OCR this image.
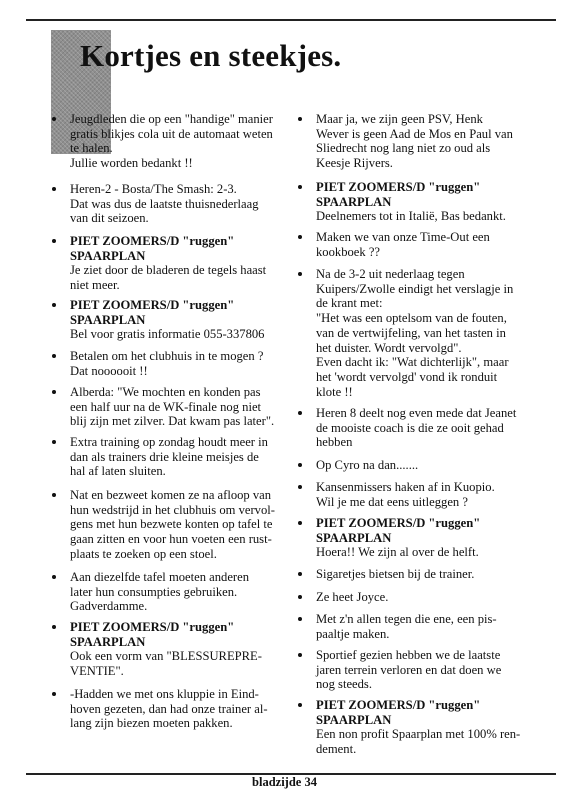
Kortjes en steekjes.
Jeugdleden die op een "handige" manier
gratis blikjes cola uit de automaat weten
te halen.
Jullie worden bedankt !!
Heren-2 - Bosta/The Smash: 2-3.
Dat was dus de laatste thuisnederlaag
van dit seizoen.
PIET ZOOMERS/D "ruggen"
SPAARPLAN
Je ziet door de bladeren de tegels haast
niet meer.
PIET ZOOMERS/D "ruggen"
SPAARPLAN
Bel voor gratis informatie 055-337806
Betalen om het clubhuis in te mogen ?
Dat noooooit !!
Alberda: "We mochten en konden pas
een half uur na de WK-finale nog niet
blij zijn met zilver. Dat kwam pas later".
Extra training op zondag houdt meer in
dan als trainers drie kleine meisjes de
hal af laten sluiten.
Nat en bezweet komen ze na afloop van
hun wedstrijd in het clubhuis om vervol-
gens met hun bezwete konten op tafel te
gaan zitten en voor hun voeten een rust-
plaats te zoeken op een stoel.
Aan diezelfde tafel moeten anderen
later hun consumpties gebruiken.
Gadverdamme.
PIET ZOOMERS/D "ruggen"
SPAARPLAN
Ook een vorm van "BLESSUREPRE-
VENTIE".
-Hadden we met ons kluppie in Eind-
hoven gezeten, dan had onze trainer al-
lang zijn biezen moeten pakken.
Maar ja, we zijn geen PSV, Henk
Wever is geen Aad de Mos en Paul van
Sliedrecht nog lang niet zo oud als
Keesje Rijvers.
PIET ZOOMERS/D "ruggen"
SPAARPLAN
Deelnemers tot in Italië, Bas bedankt.
Maken we van onze Time-Out een
kookboek ??
Na de 3-2 uit nederlaag tegen
Kuipers/Zwolle eindigt het verslagje in
de krant met:
"Het was een optelsom van de fouten,
van de vertwijfeling, van het tasten in
het duister. Wordt vervolgd".
Even dacht ik: "Wat dichterlijk", maar
het 'wordt vervolgd' vond ik ronduit
klote !!
Heren 8 deelt nog even mede dat Jeanet
de mooiste coach is die ze ooit gehad
hebben
Op Cyro na dan.......
Kansenmissers haken af in Kuopio.
Wil je me dat eens uitleggen ?
PIET ZOOMERS/D "ruggen"
SPAARPLAN
Hoera!! We zijn al over de helft.
Sigaretjes bietsen bij de trainer.
Ze heet Joyce.
Met z'n allen tegen die ene, een pis-
paaltje maken.
Sportief gezien hebben we de laatste
jaren terrein verloren en dat doen we
nog steeds.
PIET ZOOMERS/D "ruggen"
SPAARPLAN
Een non profit Spaarplan met 100% ren-
dement.
bladzijde 34
